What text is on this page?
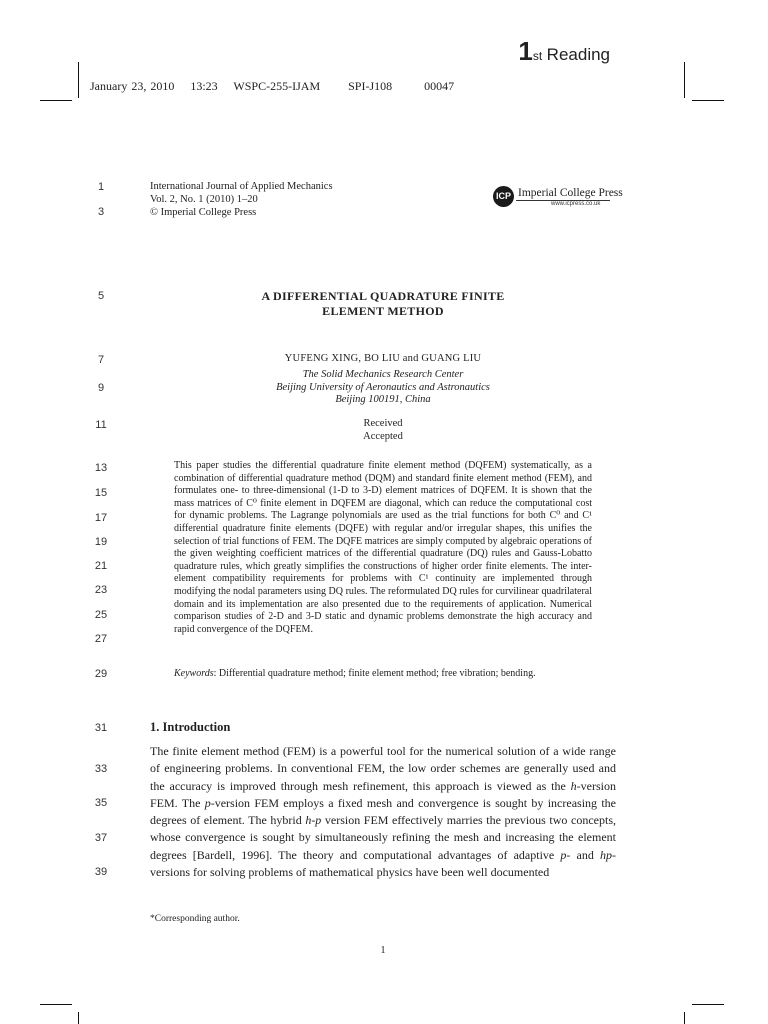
1st Reading
January 23, 2010    13:23    WSPC-255-IJAM       SPI-J108        00047
1
3
5
7
9
11
13
15
17
19
21
23
25
27
29
31
33
35
37
39
International Journal of Applied Mechanics
Vol. 2, No. 1 (2010) 1–20
© Imperial College Press
ICP Imperial College Press
www.icpress.co.uk
A DIFFERENTIAL QUADRATURE FINITE
ELEMENT METHOD
YUFENG XING, BO LIU and GUANG LIU
The Solid Mechanics Research Center
Beijing University of Aeronautics and Astronautics
Beijing 100191, China
Received
Accepted
This paper studies the differential quadrature finite element method (DQFEM) systematically, as a combination of differential quadrature method (DQM) and standard finite element method (FEM), and formulates one- to three-dimensional (1-D to 3-D) element matrices of DQFEM. It is shown that the mass matrices of C⁰ finite element in DQFEM are diagonal, which can reduce the computational cost for dynamic problems. The Lagrange polynomials are used as the trial functions for both C⁰ and C¹ differential quadrature finite elements (DQFE) with regular and/or irregular shapes, this unifies the selection of trial functions of FEM. The DQFE matrices are simply computed by algebraic operations of the given weighting coefficient matrices of the differential quadrature (DQ) rules and Gauss-Lobatto quadrature rules, which greatly simplifies the constructions of higher order finite elements. The inter-element compatibility requirements for problems with C¹ continuity are implemented through modifying the nodal parameters using DQ rules. The reformulated DQ rules for curvilinear quadrilateral domain and its implementation are also presented due to the requirements of application. Numerical comparison studies of 2-D and 3-D static and dynamic problems demonstrate the high accuracy and rapid convergence of the DQFEM.
Keywords: Differential quadrature method; finite element method; free vibration; bending.
1. Introduction
The finite element method (FEM) is a powerful tool for the numerical solution of a wide range of engineering problems. In conventional FEM, the low order schemes are generally used and the accuracy is improved through mesh refinement, this approach is viewed as the h-version FEM. The p-version FEM employs a fixed mesh and convergence is sought by increasing the degrees of element. The hybrid h-p version FEM effectively marries the previous two concepts, whose convergence is sought by simultaneously refining the mesh and increasing the element degrees [Bardell, 1996]. The theory and computational advantages of adaptive p- and hp-versions for solving problems of mathematical physics have been well documented
*Corresponding author.
1
